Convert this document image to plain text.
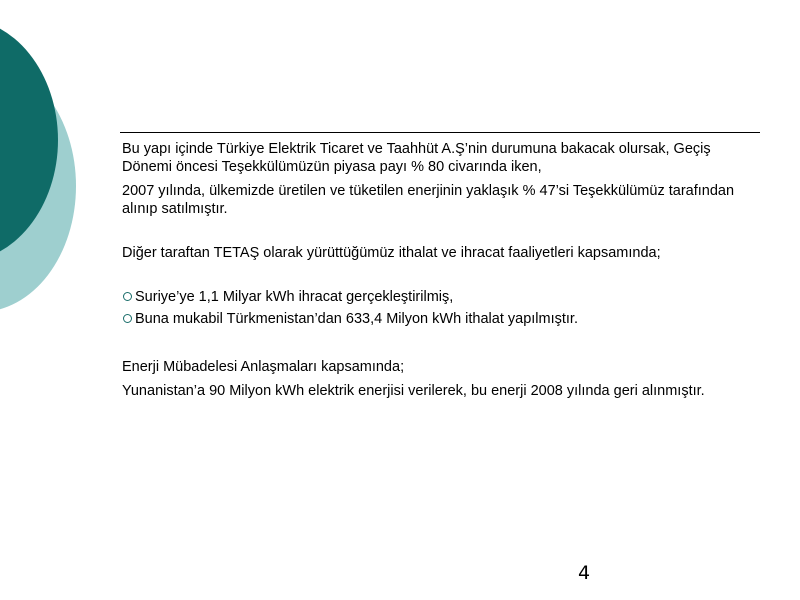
Bu yapı içinde Türkiye Elektrik Ticaret ve Taahhüt A.Ş’nin durumuna bakacak olursak, Geçiş Dönemi öncesi Teşekkülümüzün piyasa payı % 80 civarında iken,

2007 yılında, ülkemizde üretilen ve tüketilen enerjinin yaklaşık % 47’si Teşekkülümüz tarafından alınıp satılmıştır.

Diğer taraftan TETAŞ olarak yürüttüğümüz ithalat ve ihracat faaliyetleri kapsamında;

Suriye’ye 1,1 Milyar kWh ihracat gerçekleştirilmiş,
Buna mukabil Türkmenistan’dan 633,4 Milyon kWh ithalat yapılmıştır.

Enerji Mübadelesi Anlaşmaları kapsamında;

Yunanistan’a 90 Milyon kWh elektrik enerjisi verilerek, bu enerji 2008 yılında geri alınmıştır.

4
